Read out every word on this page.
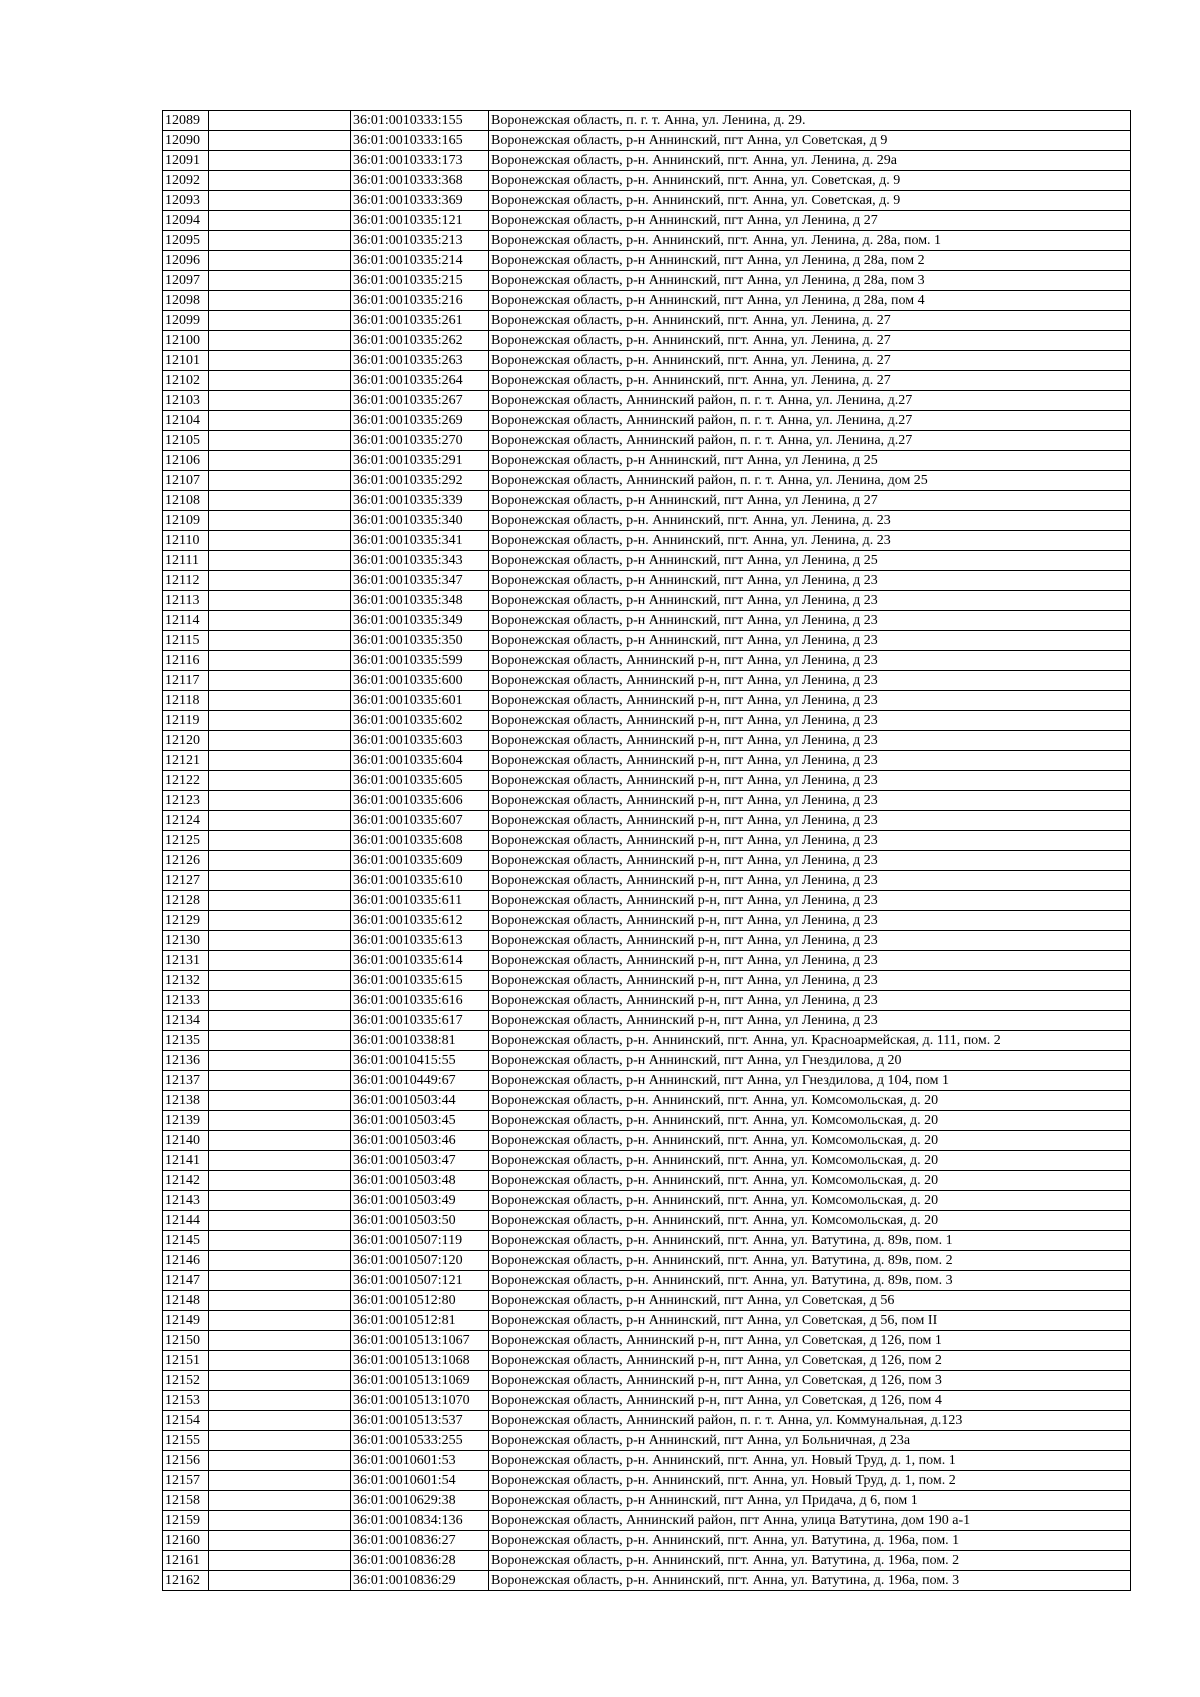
12089		36:01:0010333:155	Воронежская область, п. г. т. Анна, ул. Ленина, д. 29.
12090		36:01:0010333:165	Воронежская область, р-н Аннинский, пгт Анна, ул Советская, д 9
12091		36:01:0010333:173	Воронежская область, р-н. Аннинский, пгт. Анна, ул. Ленина, д. 29а
12092		36:01:0010333:368	Воронежская область, р-н. Аннинский, пгт. Анна, ул. Советская, д. 9
12093		36:01:0010333:369	Воронежская область, р-н. Аннинский, пгт. Анна, ул. Советская, д. 9
12094		36:01:0010335:121	Воронежская область, р-н Аннинский, пгт Анна, ул Ленина, д 27
12095		36:01:0010335:213	Воронежская область, р-н. Аннинский, пгт. Анна, ул. Ленина, д. 28а, пом. 1
12096		36:01:0010335:214	Воронежская область, р-н Аннинский, пгт Анна, ул Ленина, д 28а, пом 2
12097		36:01:0010335:215	Воронежская область, р-н Аннинский, пгт Анна, ул Ленина, д 28а, пом 3
12098		36:01:0010335:216	Воронежская область, р-н Аннинский, пгт Анна, ул Ленина, д 28а, пом 4
12099		36:01:0010335:261	Воронежская область, р-н. Аннинский, пгт. Анна, ул. Ленина, д. 27
12100		36:01:0010335:262	Воронежская область, р-н. Аннинский, пгт. Анна, ул. Ленина, д. 27
12101		36:01:0010335:263	Воронежская область, р-н. Аннинский, пгт. Анна, ул. Ленина, д. 27
12102		36:01:0010335:264	Воронежская область, р-н. Аннинский, пгт. Анна, ул. Ленина, д. 27
12103		36:01:0010335:267	Воронежская область, Аннинский район, п. г. т. Анна, ул. Ленина, д.27
12104		36:01:0010335:269	Воронежская область, Аннинский район, п. г. т. Анна, ул. Ленина, д.27
12105		36:01:0010335:270	Воронежская область, Аннинский район, п. г. т. Анна, ул. Ленина, д.27
12106		36:01:0010335:291	Воронежская область, р-н Аннинский, пгт Анна, ул Ленина, д 25
12107		36:01:0010335:292	Воронежская область, Аннинский район, п. г. т. Анна, ул. Ленина, дом 25
12108		36:01:0010335:339	Воронежская область, р-н Аннинский, пгт Анна, ул Ленина, д 27
12109		36:01:0010335:340	Воронежская область, р-н. Аннинский, пгт. Анна, ул. Ленина, д. 23
12110		36:01:0010335:341	Воронежская область, р-н. Аннинский, пгт. Анна, ул. Ленина, д. 23
12111		36:01:0010335:343	Воронежская область, р-н Аннинский, пгт Анна, ул Ленина, д 25
12112		36:01:0010335:347	Воронежская область, р-н Аннинский, пгт Анна, ул Ленина, д 23
12113		36:01:0010335:348	Воронежская область, р-н Аннинский, пгт Анна, ул Ленина, д 23
12114		36:01:0010335:349	Воронежская область, р-н Аннинский, пгт Анна, ул Ленина, д 23
12115		36:01:0010335:350	Воронежская область, р-н Аннинский, пгт Анна, ул Ленина, д 23
12116		36:01:0010335:599	Воронежская область, Аннинский р-н, пгт Анна, ул Ленина, д 23
12117		36:01:0010335:600	Воронежская область, Аннинский р-н, пгт Анна, ул Ленина, д 23
12118		36:01:0010335:601	Воронежская область, Аннинский р-н, пгт Анна, ул Ленина, д 23
12119		36:01:0010335:602	Воронежская область, Аннинский р-н, пгт Анна, ул Ленина, д 23
12120		36:01:0010335:603	Воронежская область, Аннинский р-н, пгт Анна, ул Ленина, д 23
12121		36:01:0010335:604	Воронежская область, Аннинский р-н, пгт Анна, ул Ленина, д 23
12122		36:01:0010335:605	Воронежская область, Аннинский р-н, пгт Анна, ул Ленина, д 23
12123		36:01:0010335:606	Воронежская область, Аннинский р-н, пгт Анна, ул Ленина, д 23
12124		36:01:0010335:607	Воронежская область, Аннинский р-н, пгт Анна, ул Ленина, д 23
12125		36:01:0010335:608	Воронежская область, Аннинский р-н, пгт Анна, ул Ленина, д 23
12126		36:01:0010335:609	Воронежская область, Аннинский р-н, пгт Анна, ул Ленина, д 23
12127		36:01:0010335:610	Воронежская область, Аннинский р-н, пгт Анна, ул Ленина, д 23
12128		36:01:0010335:611	Воронежская область, Аннинский р-н, пгт Анна, ул Ленина, д 23
12129		36:01:0010335:612	Воронежская область, Аннинский р-н, пгт Анна, ул Ленина, д 23
12130		36:01:0010335:613	Воронежская область, Аннинский р-н, пгт Анна, ул Ленина, д 23
12131		36:01:0010335:614	Воронежская область, Аннинский р-н, пгт Анна, ул Ленина, д 23
12132		36:01:0010335:615	Воронежская область, Аннинский р-н, пгт Анна, ул Ленина, д 23
12133		36:01:0010335:616	Воронежская область, Аннинский р-н, пгт Анна, ул Ленина, д 23
12134		36:01:0010335:617	Воронежская область, Аннинский р-н, пгт Анна, ул Ленина, д 23
12135		36:01:0010338:81	Воронежская область, р-н. Аннинский, пгт. Анна, ул. Красноармейская, д. 111, пом. 2
12136		36:01:0010415:55	Воронежская область, р-н Аннинский, пгт Анна, ул Гнездилова, д 20
12137		36:01:0010449:67	Воронежская область, р-н Аннинский, пгт Анна, ул Гнездилова, д 104, пом 1
12138		36:01:0010503:44	Воронежская область, р-н. Аннинский, пгт. Анна, ул. Комсомольская, д. 20
12139		36:01:0010503:45	Воронежская область, р-н. Аннинский, пгт. Анна, ул. Комсомольская, д. 20
12140		36:01:0010503:46	Воронежская область, р-н. Аннинский, пгт. Анна, ул. Комсомольская, д. 20
12141		36:01:0010503:47	Воронежская область, р-н. Аннинский, пгт. Анна, ул. Комсомольская, д. 20
12142		36:01:0010503:48	Воронежская область, р-н. Аннинский, пгт. Анна, ул. Комсомольская, д. 20
12143		36:01:0010503:49	Воронежская область, р-н. Аннинский, пгт. Анна, ул. Комсомольская, д. 20
12144		36:01:0010503:50	Воронежская область, р-н. Аннинский, пгт. Анна, ул. Комсомольская, д. 20
12145		36:01:0010507:119	Воронежская область, р-н. Аннинский, пгт. Анна, ул. Ватутина, д. 89в, пом. 1
12146		36:01:0010507:120	Воронежская область, р-н. Аннинский, пгт. Анна, ул. Ватутина, д. 89в, пом. 2
12147		36:01:0010507:121	Воронежская область, р-н. Аннинский, пгт. Анна, ул. Ватутина, д. 89в, пом. 3
12148		36:01:0010512:80	Воронежская область, р-н Аннинский, пгт Анна, ул Советская, д 56
12149		36:01:0010512:81	Воронежская область, р-н Аннинский, пгт Анна, ул Советская, д 56, пом II
12150		36:01:0010513:1067	Воронежская область, Аннинский р-н, пгт Анна, ул Советская, д 126, пом 1
12151		36:01:0010513:1068	Воронежская область, Аннинский р-н, пгт Анна, ул Советская, д 126, пом 2
12152		36:01:0010513:1069	Воронежская область, Аннинский р-н, пгт Анна, ул Советская, д 126, пом 3
12153		36:01:0010513:1070	Воронежская область, Аннинский р-н, пгт Анна, ул Советская, д 126, пом 4
12154		36:01:0010513:537	Воронежская область, Аннинский район, п. г. т. Анна, ул. Коммунальная, д.123
12155		36:01:0010533:255	Воронежская область, р-н Аннинский, пгт Анна, ул Больничная, д 23а
12156		36:01:0010601:53	Воронежская область, р-н. Аннинский, пгт. Анна, ул. Новый Труд, д. 1, пом. 1
12157		36:01:0010601:54	Воронежская область, р-н. Аннинский, пгт. Анна, ул. Новый Труд, д. 1, пом. 2
12158		36:01:0010629:38	Воронежская область, р-н Аннинский, пгт Анна, ул Придача, д 6, пом 1
12159		36:01:0010834:136	Воронежская область, Аннинский район, пгт Анна, улица Ватутина, дом 190 а-1
12160		36:01:0010836:27	Воронежская область, р-н. Аннинский, пгт. Анна, ул. Ватутина, д. 196а, пом. 1
12161		36:01:0010836:28	Воронежская область, р-н. Аннинский, пгт. Анна, ул. Ватутина, д. 196а, пом. 2
12162		36:01:0010836:29	Воронежская область, р-н. Аннинский, пгт. Анна, ул. Ватутина, д. 196а, пом. 3
